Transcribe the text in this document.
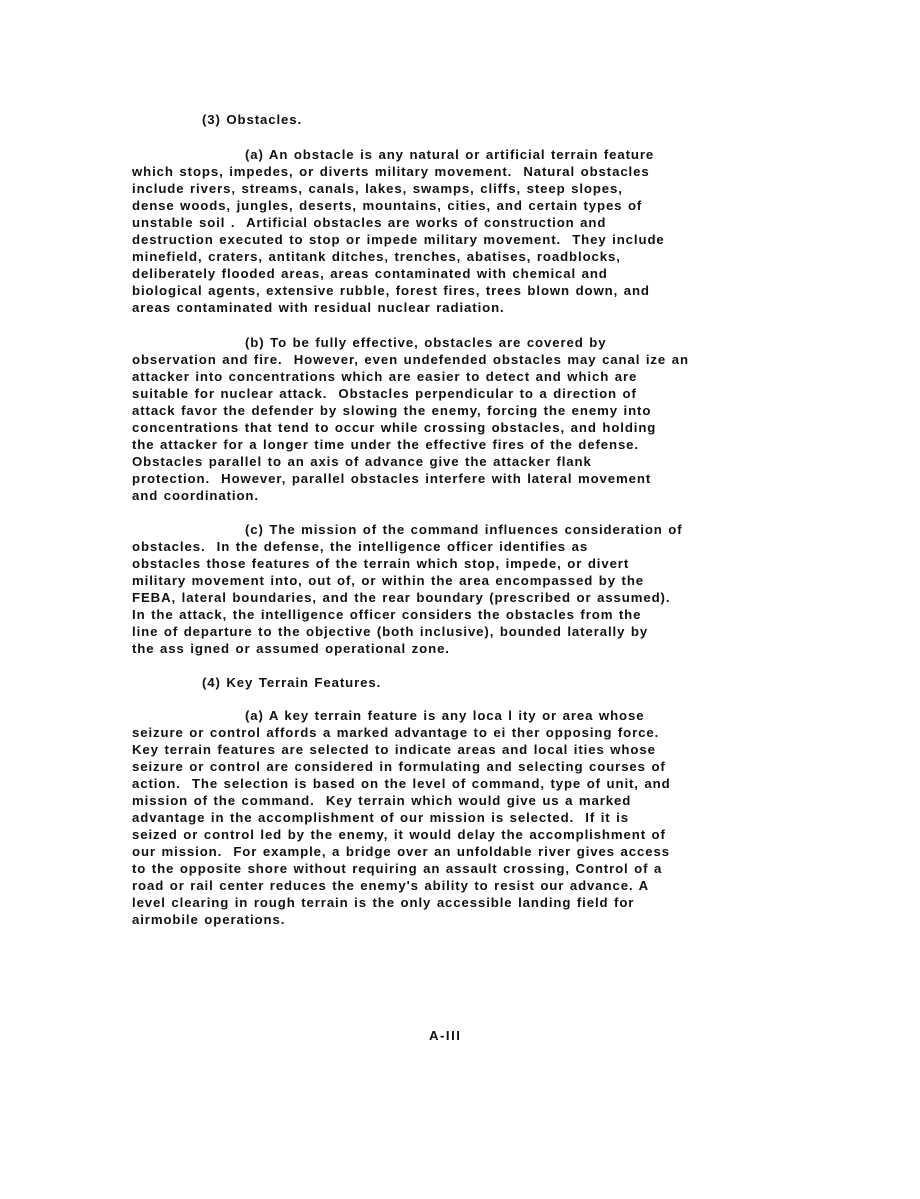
(3) Obstacles.
(a) An obstacle is any natural or artificial terrain feature
which stops, impedes, or diverts military movement.  Natural obstacles
include rivers, streams, canals, lakes, swamps, cliffs, steep slopes,
dense woods, jungles, deserts, mountains, cities, and certain types of
unstable soil .  Artificial obstacles are works of construction and
destruction executed to stop or impede military movement.  They include
minefield, craters, antitank ditches, trenches, abatises, roadblocks,
deliberately flooded areas, areas contaminated with chemical and
biological agents, extensive rubble, forest fires, trees blown down, and
areas contaminated with residual nuclear radiation.
(b) To be fully effective, obstacles are covered by
observation and fire.  However, even undefended obstacles may canal ize an
attacker into concentrations which are easier to detect and which are
suitable for nuclear attack.  Obstacles perpendicular to a direction of
attack favor the defender by slowing the enemy, forcing the enemy into
concentrations that tend to occur while crossing obstacles, and holding
the attacker for a longer time under the effective fires of the defense.
Obstacles parallel to an axis of advance give the attacker flank
protection.  However, parallel obstacles interfere with lateral movement
and coordination.
(c) The mission of the command influences consideration of
obstacles.  In the defense, the intelligence officer identifies as
obstacles those features of the terrain which stop, impede, or divert
military movement into, out of, or within the area encompassed by the
FEBA, lateral boundaries, and the rear boundary (prescribed or assumed).
In the attack, the intelligence officer considers the obstacles from the
line of departure to the objective (both inclusive), bounded laterally by
the ass igned or assumed operational zone.
(4) Key Terrain Features.
(a) A key terrain feature is any loca l ity or area whose
seizure or control affords a marked advantage to ei ther opposing force.
Key terrain features are selected to indicate areas and local ities whose
seizure or control are considered in formulating and selecting courses of
action.  The selection is based on the level of command, type of unit, and
mission of the command.  Key terrain which would give us a marked
advantage in the accomplishment of our mission is selected.  If it is
seized or control led by the enemy, it would delay the accomplishment of
our mission.  For example, a bridge over an unfoldable river gives access
to the opposite shore without requiring an assault crossing, Control of a
road or rail center reduces the enemy's ability to resist our advance. A
level clearing in rough terrain is the only accessible landing field for
airmobile operations.
A-III
